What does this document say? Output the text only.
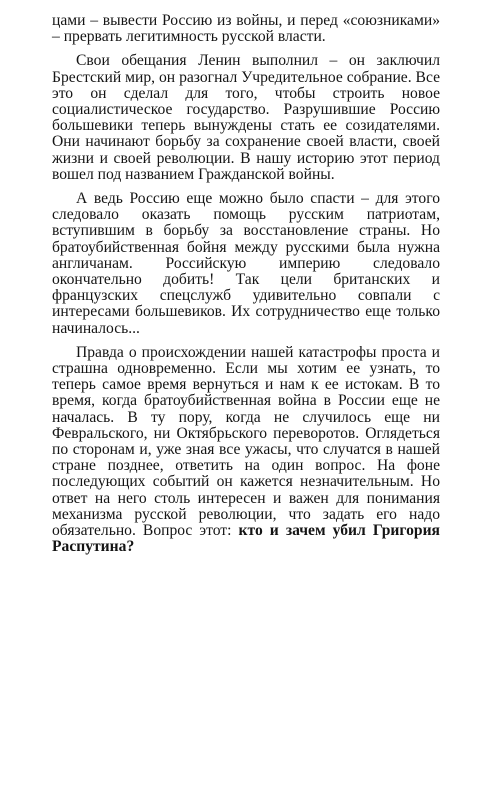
цами – вывести Россию из войны, и перед «союзниками» – прервать легитимность русской власти.

Свои обещания Ленин выполнил – он заключил Брестский мир, он разогнал Учредительное собрание. Все это он сделал для того, чтобы строить новое социалистическое государство. Разрушившие Россию большевики теперь вынуждены стать ее созидателями. Они начинают борьбу за сохранение своей власти, своей жизни и своей революции. В нашу историю этот период вошел под названием Гражданской войны.

А ведь Россию еще можно было спасти – для этого следовало оказать помощь русским патриотам, вступившим в борьбу за восстановление страны. Но братоубийственная бойня между русскими была нужна англичанам. Российскую империю следовало окончательно добить! Так цели британских и французских спецслужб удивительно совпали с интересами большевиков. Их сотрудничество еще только начиналось...

Правда о происхождении нашей катастрофы проста и страшна одновременно. Если мы хотим ее узнать, то теперь самое время вернуться и нам к ее истокам. В то время, когда братоубийственная война в России еще не началась. В ту пору, когда не случилось еще ни Февральского, ни Октябрьского переворотов. Оглядеться по сторонам и, уже зная все ужасы, что случатся в нашей стране позднее, ответить на один вопрос. На фоне последующих событий он кажется незначительным. Но ответ на него столь интересен и важен для понимания механизма русской революции, что задать его надо обязательно. Вопрос этот: кто и зачем убил Григория Распутина?
